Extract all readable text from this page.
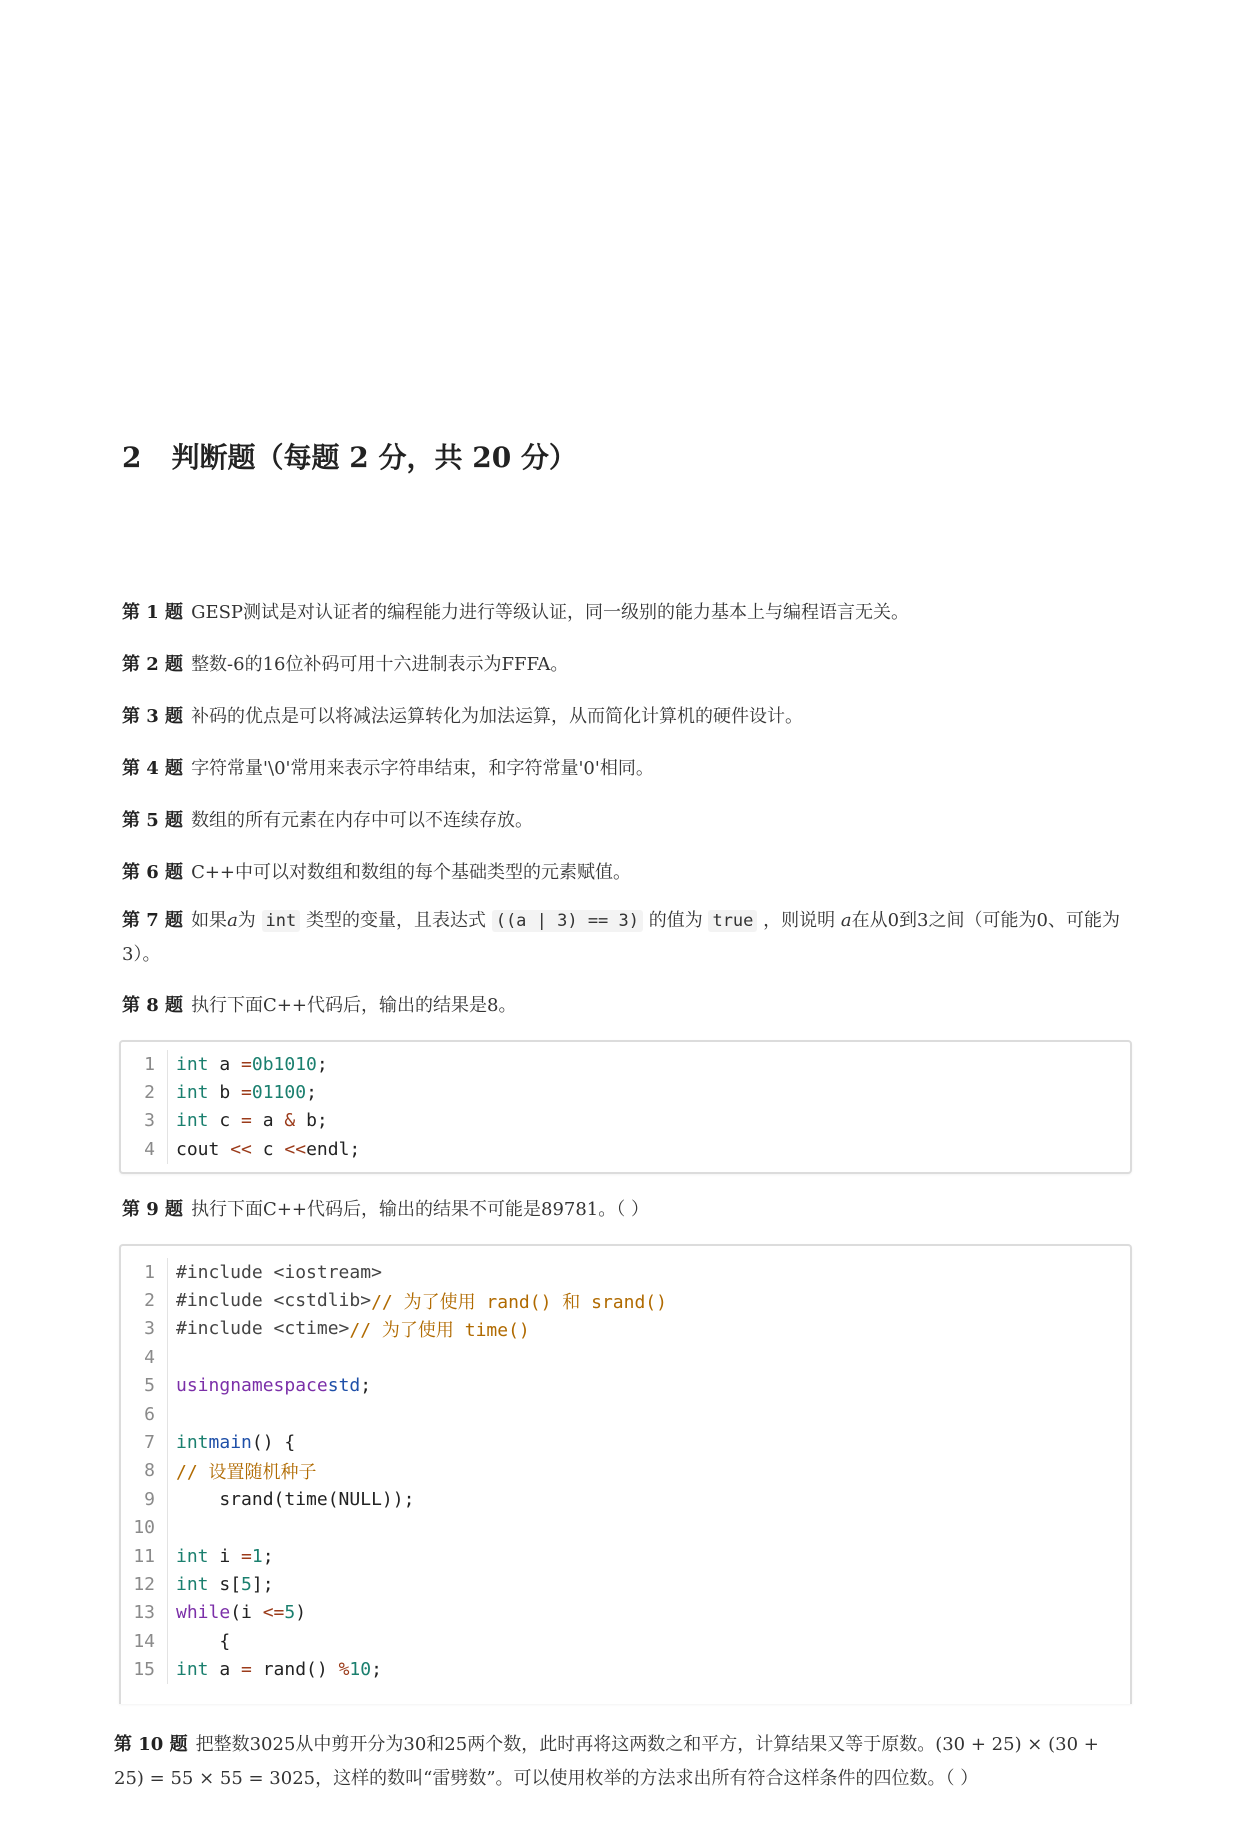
2 判断题（每题 2 分，共 20 分）
第 1 题 GESP测试是对认证者的编程能力进行等级认证，同一级别的能力基本上与编程语言无关。
第 2 题 整数-6的16位补码可用十六进制表示为FFFA。
第 3 题 补码的优点是可以将减法运算转化为加法运算，从而简化计算机的硬件设计。
第 4 题 字符常量'\0'常用来表示字符串结束，和字符常量'0'相同。
第 5 题 数组的所有元素在内存中可以不连续存放。
第 6 题 C++中可以对数组和数组的每个基础类型的元素赋值。
第 7 题 如果a为 int 类型的变量，且表达式 ((a | 3) == 3) 的值为 true ，则说明 a在从0到3之间（可能为0、可能为3）。
第 8 题 执行下面C++代码后，输出的结果是8。
1	int a = 0b1010 ;
2	int b = 01100 ;
3	int c = a & b;
4	cout << c << endl;
第 9 题 执行下面C++代码后，输出的结果不可能是89781。（ ）
1	#include <iostream>
2	#include <cstdlib> // 为了使用 rand() 和 srand()
3	#include <ctime> // 为了使用 time()
4
5	using namespace std ;
6
7	int main () {
8	// 设置随机种子
9	srand(time(NULL));
10
11	int i = 1 ;
12	int s[ 5 ];
13	while (i <= 5 )
14	{
15	int a = rand() % 10 ;
第 10 题 把整数3025从中剪开分为30和25两个数，此时再将这两数之和平方，计算结果又等于原数。(30 + 25) × (30 + 25) = 55 × 55 = 3025，这样的数叫“雷劈数”。可以使用枚举的方法求出所有符合这样条件的四位数。（ ）
